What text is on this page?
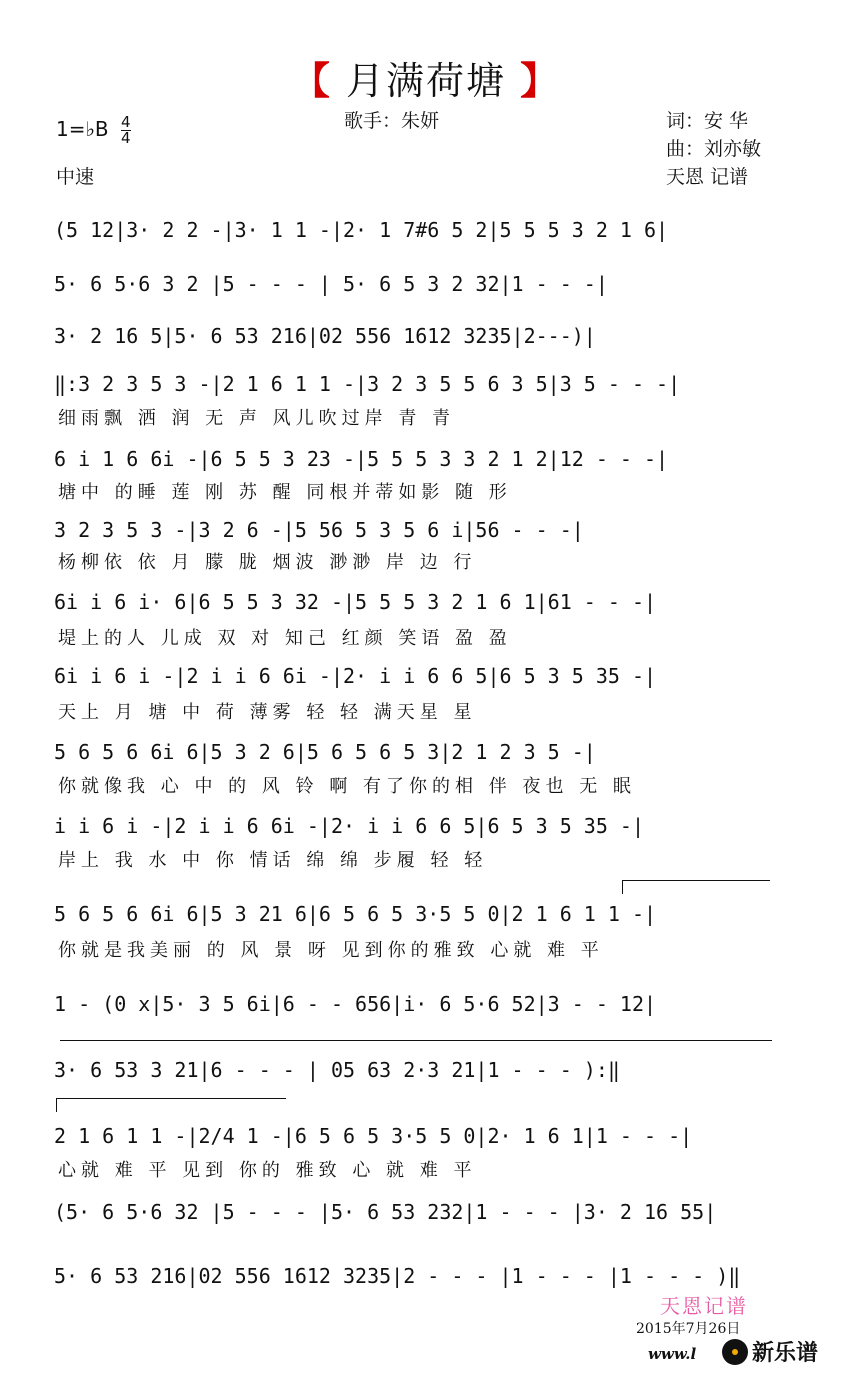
【 月满荷塘 】
歌手：朱妍	词：安 华
曲：刘亦敏
天恩 记谱
1=♭B $\frac{4}{4}$
中速
(5 12|3· 2 2 -|3· 1 1 -|2· 1 7#6 5 2|5 5 5 3 2 1 6|
5· 6 5·6 3 2 |5 - - - | 5· 6 5 3 2 32|1 - - -|
3· 2 16 5|5· 6 53 216|02 556 1612 3235|2---)|
‖:3 2 3 5 3 -|2 1 6 1 1 -|3 2 3 5 5 6 3 5|3 5 - - -|
细雨飘 洒 润 无 声 风儿吹过岸 青 青
6 i 1 6 6i -|6 5 5 3 23 -|5 5 5 3 3 2 1 2|12 - - -|
塘中 的睡 莲 刚 苏 醒 同根并蒂如影 随 形
3 2 3 5 3 -|3 2 6 -|5 56 5 3 5 6 i|56 - - -|
杨柳依 依 月 朦 胧 烟波 渺渺 岸 边 行
6i i 6 i· 6|6 5 5 3 32 -|5 5 5 3 2 1 6 1|61 - - -|
堤上的人 儿成 双 对 知己 红颜 笑语 盈 盈
6i i 6 i -|2 i i 6 6i -|2· i i 6 6 5|6 5 3 5 35 -|
天上 月 塘 中 荷 薄雾 轻 轻 满天星 星
5 6 5 6 6i 6|5 3 2 6|5 6 5 6 5 3|2 1 2 3 5 -|
你就像我 心 中 的 风 铃 啊 有了你的相 伴 夜也 无 眠
i i 6 i -|2 i i 6 6i -|2· i i 6 6 5|6 5 3 5 35 -|
岸上 我 水 中 你 情话 绵 绵 步履 轻 轻
5 6 5 6 6i 6|5 3 21 6|6 5 6 5 3·5 5 0|2 1 6 1 1 -|
你就是我美丽 的 风 景 呀 见到你的雅致 心就 难 平
1 - (0 x|5· 3 5 6i|6 - - 656|i· 6 5·6 52|3 - - 12|
3· 6 53 3 21|6 - - - | 05 63 2·3 21|1 - - - ):‖
2 1 6 1 1 -|2/4 1 -|6 5 6 5 3·5 5 0|2· 1 6 1|1 - - -|
心就 难 平 见到 你的 雅致 心 就 难 平
(5· 6 5·6 32 |5 - - - |5· 6 53 232|1 - - - |3· 2 16 55|
5· 6 53 216|02 556 1612 3235|2 - - - |1 - - - |1 - - - )‖
天恩记谱
2015年7月26日
www.l	新乐谱
